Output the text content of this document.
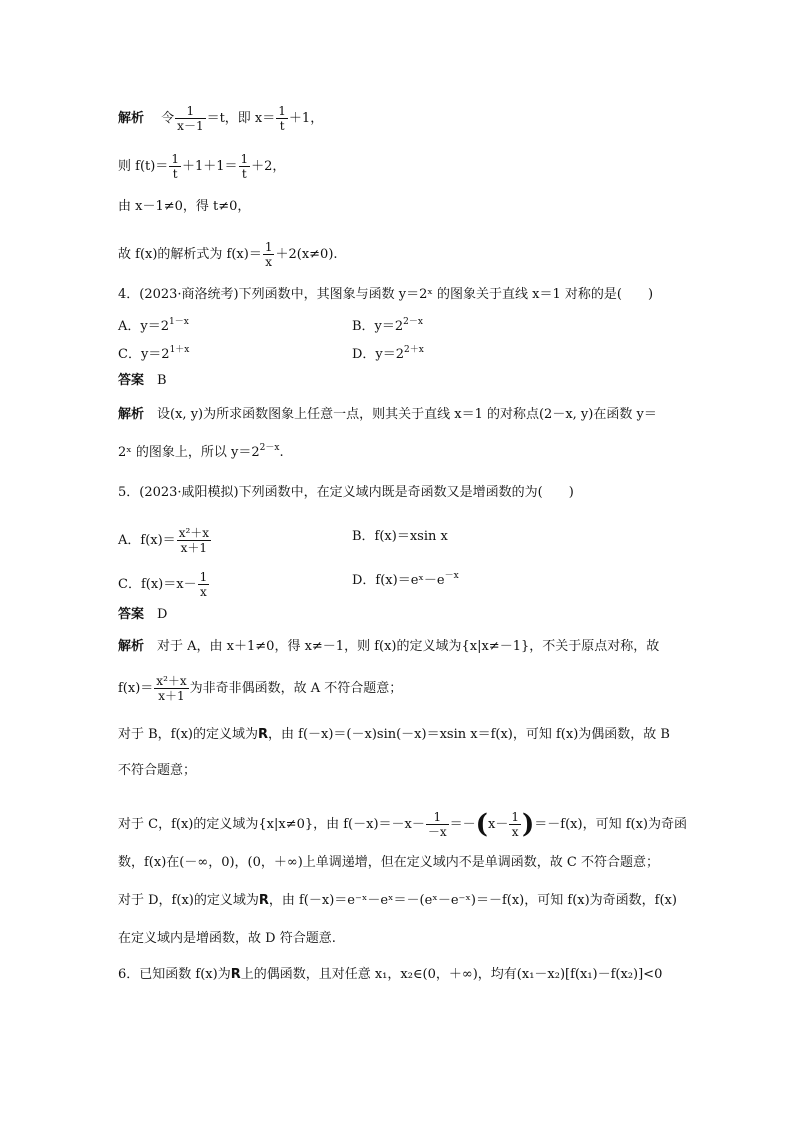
解析　 令 $\frac{1}{x-1} =t$，即 $x= \frac{1}{t} +1$，
则 $f(t)= \frac{1}{t} +1+1= \frac{1}{t} +2$，
由 x－1≠0，得 t≠0，
故 f(x)的解析式为 $f(x)= \frac{1}{x} +2(x\ne 0)$.
4．(2023·商洛统考)下列函数中，其图象与函数 y＝2ˣ 的图象关于直线 x＝1 对称的是(　　)
A．$y=2^{1-x}$	B．$y=2^{2-x}$
C．$y=2^{1+x}$	D．$y=2^{2+x}$
答案　 B
解析　 设(x, y)为所求函数图象上任意一点，则其关于直线 x＝1 的对称点(2－x, y)在函数 y＝
2ˣ 的图象上，所以 $y=2^{2-x}$.
5．(2023·咸阳模拟)下列函数中，在定义域内既是奇函数又是增函数的为(　　)
A．$f(x)= \frac{\text{x²＋x}}{x+1}$	B．f(x)＝xsin x
C．$f(x)=x- \frac{1}{x}$	D．$f(x)=eˣ-e^{-x}$
答案　 D
解析　 对于 A，由 x＋1≠0，得 x≠－1，则 f(x)的定义域为{x|x≠－1}，不关于原点对称，故
$f(x)= \frac{\text{x²＋x}}{x+1}$ 为非奇非偶函数，故 A 不符合题意；
对于 B，f(x)的定义域为R，由 f(－x)＝(－x)sin(－x)＝xsin x＝f(x)，可知 f(x)为偶函数，故 B
不符合题意；
对于 C，f(x)的定义域为{x|x≠0}，由 $f(-x)=-x- \frac{1}{-x} =-(x- \frac{1}{x} )=-f(x)$，可知 f(x)为奇函
数，f(x)在(－∞，0)，(0，＋∞)上单调递增，但在定义域内不是单调函数，故 C 不符合题意；
对于 D，f(x)的定义域为R，由 f(－x)＝e⁻ˣ－eˣ＝－(eˣ－e⁻ˣ)＝－f(x)，可知 f(x)为奇函数，f(x)
在定义域内是增函数，故 D 符合题意.
6．已知函数 f(x)为R上的偶函数，且对任意 x₁，x₂∈(0，＋∞)，均有(x₁－x₂)[f(x₁)－f(x₂)]<0
